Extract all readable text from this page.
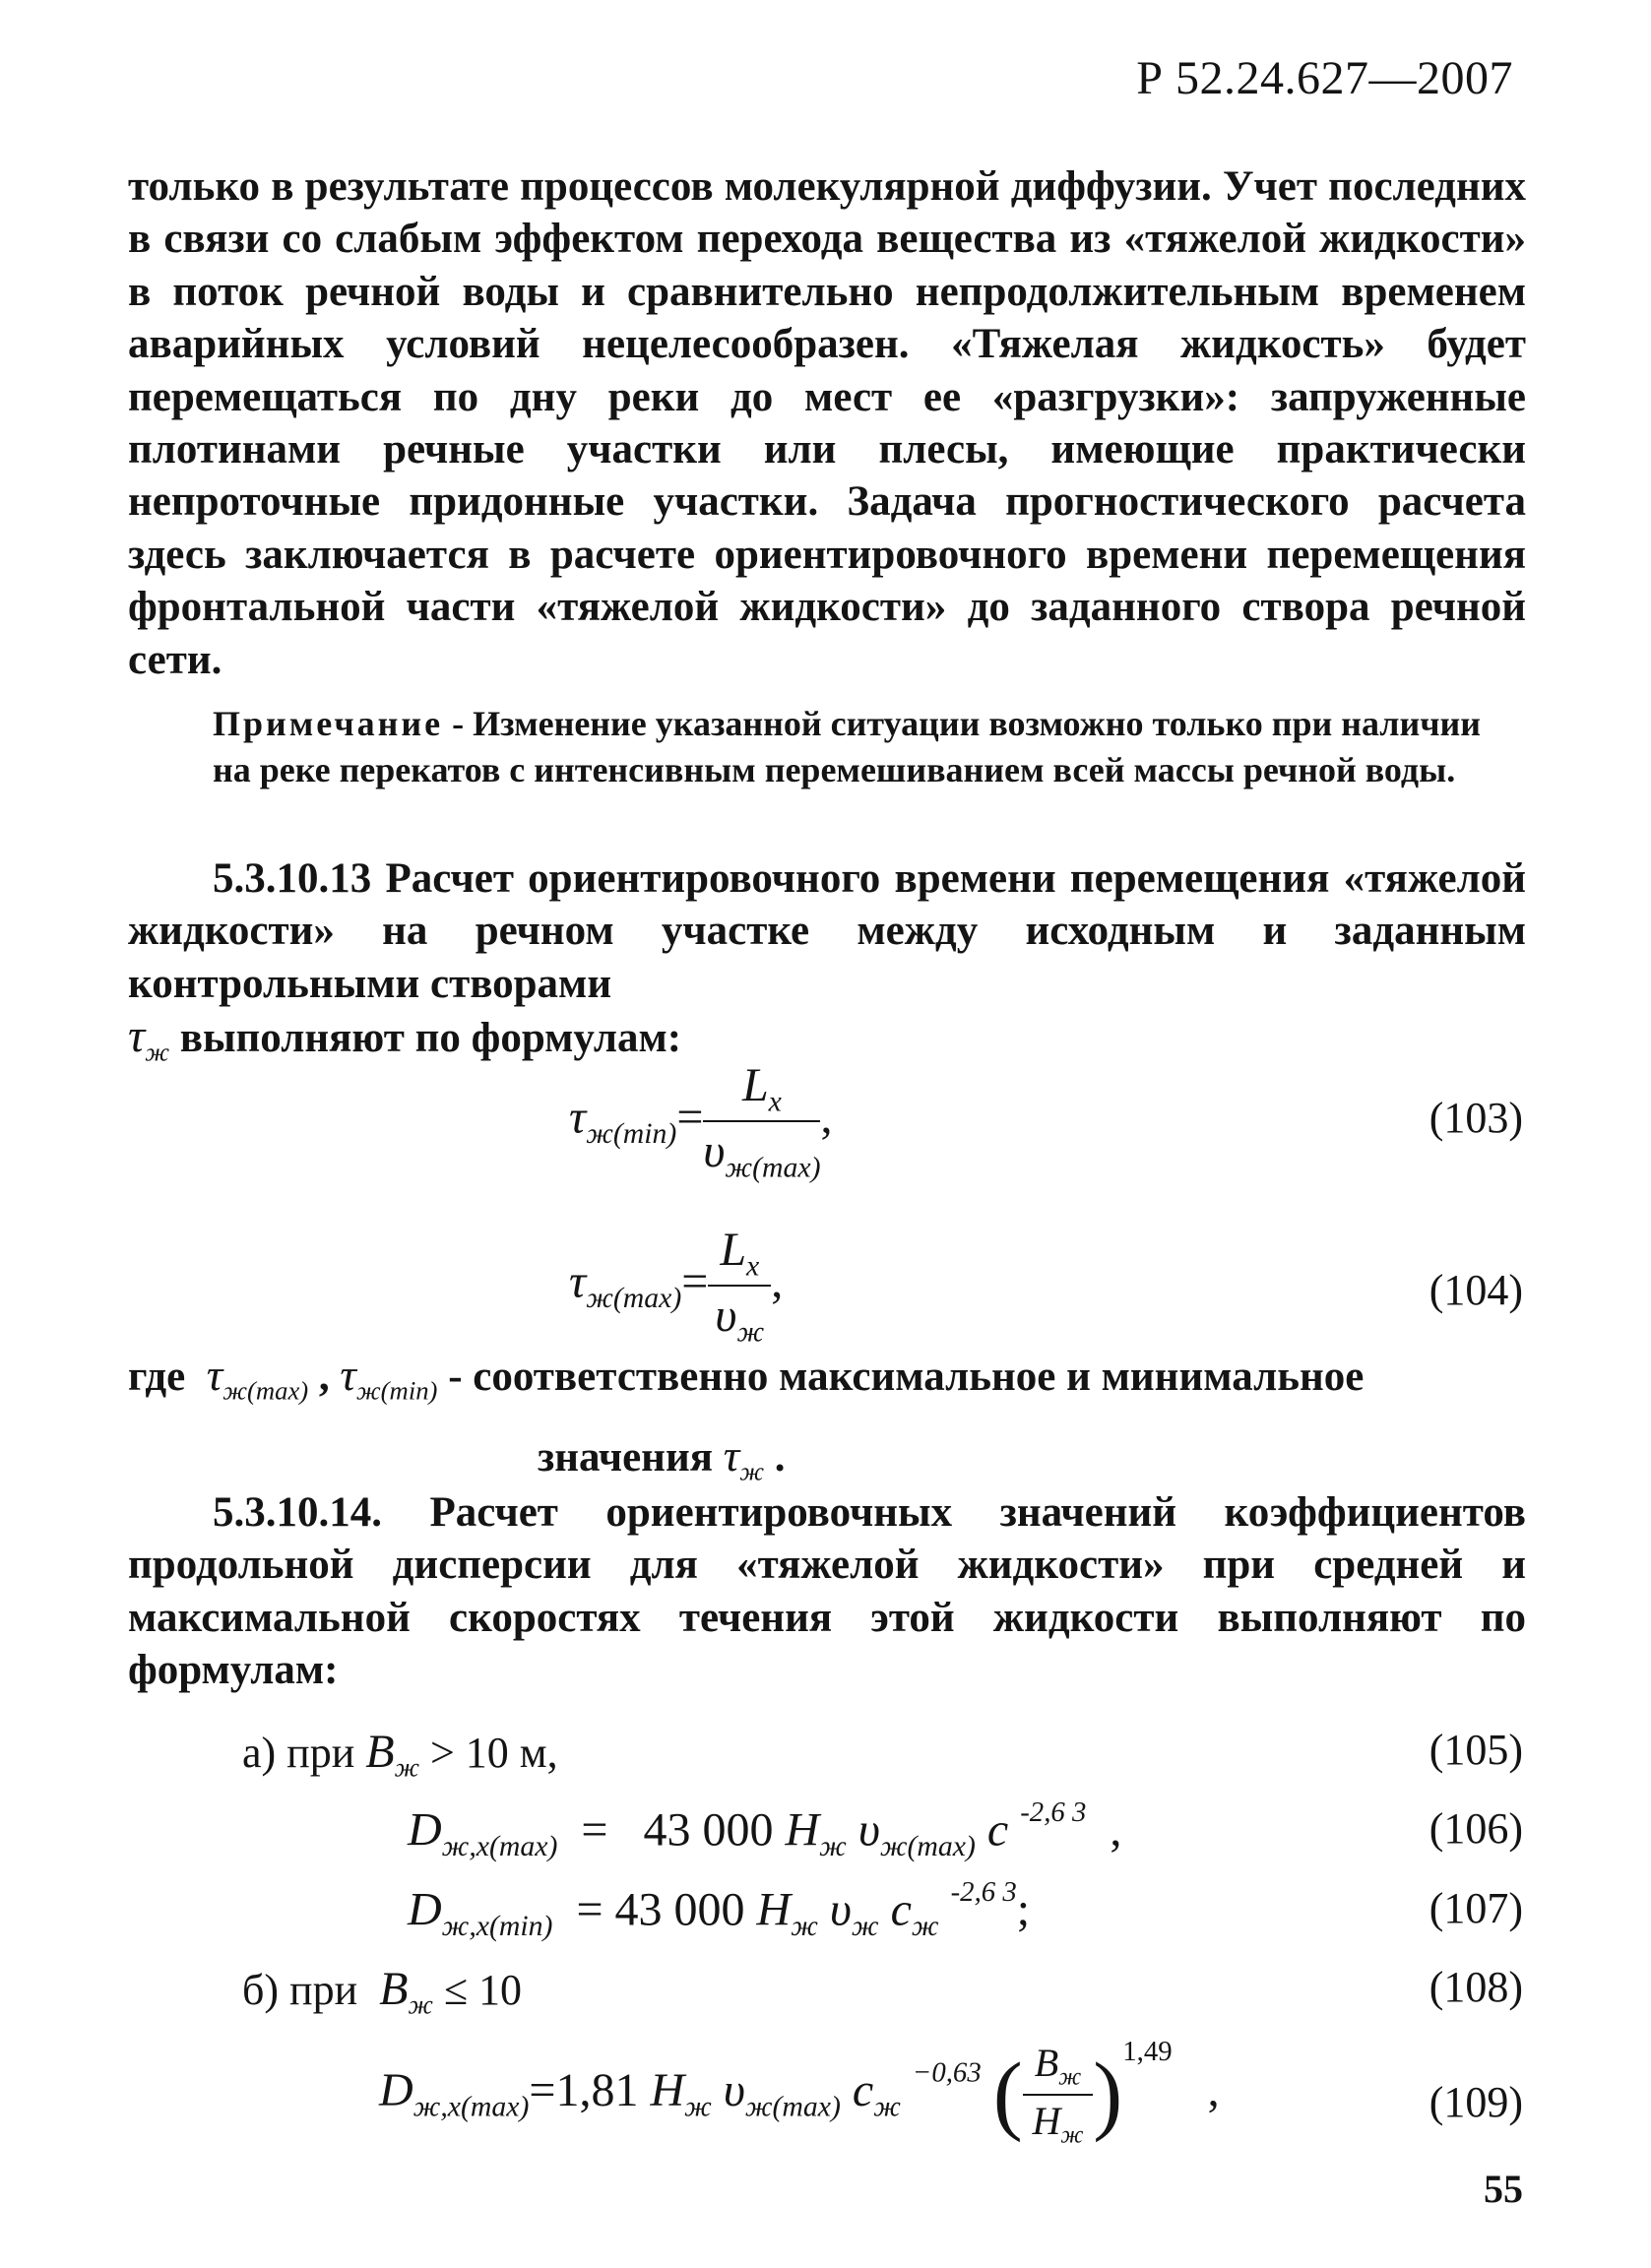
Р 52.24.627—2007
только в результате процессов молекулярной диффузии. Учет последних в связи со слабым эффектом перехода вещества из «тяжелой жидкости» в поток речной воды и сравнительно непродолжительным временем аварийных условий нецелесообразен. «Тяжелая жидкость» будет перемещаться по дну реки до мест ее «разгрузки»: запруженные плотинами речные участки или плесы, имеющие практически непроточные придонные участки. Задача прогностического расчета здесь заключается в расчете ориентировочного времени перемещения фронтальной части «тяжелой жидкости» до заданного створа речной сети.
Примечание - Изменение указанной ситуации возможно только при наличии на реке перекатов с интенсивным перемешиванием всей массы речной воды.
5.3.10.13 Расчет ориентировочного времени перемещения «тяжелой жидкости» на речном участке между исходным и заданным контрольными створами $\tau_ж$ выполняют по формулам:
$\tau_{ж(min)}= \frac{L_x}{\upsilon_{ж(max)}}$ ,	(103)
$\tau_{ж(max)}= \frac{L_x}{\upsilon_ж}$ ,	(104)
где $\tau_{ж(max)}$ , $\tau_{ж(min)}$ - соответственно максимальное и минимальное
значения $\tau_ж$ .
5.3.10.14. Расчет ориентировочных значений коэффициентов продольной дисперсии для «тяжелой жидкости» при средней и максимальной скоростях течения этой жидкости выполняют по формулам:
а) при $B_ж > 10$ м,	(105)
$D_{ж,x(max)} = 43$ 000 $H_ж$ $\upsilon_{ж(max)}$ c $^{-2,6 3}$ ,	(106)
$D_{ж,x(min)} = 43$ 000 $H_ж$ $\upsilon_ж$ $c_ж$ $^{-2,6 3}$;	(107)
б) при $B_ж \le 10$	(108)
$D_{ж,x(max)}=1,81$ $H_ж$ $\upsilon_{ж(max)}$ $c_ж$ $^{-0,63}$ ( $\frac{B_ж}{H_ж} )^{1,49}$   ,	(109)
55
